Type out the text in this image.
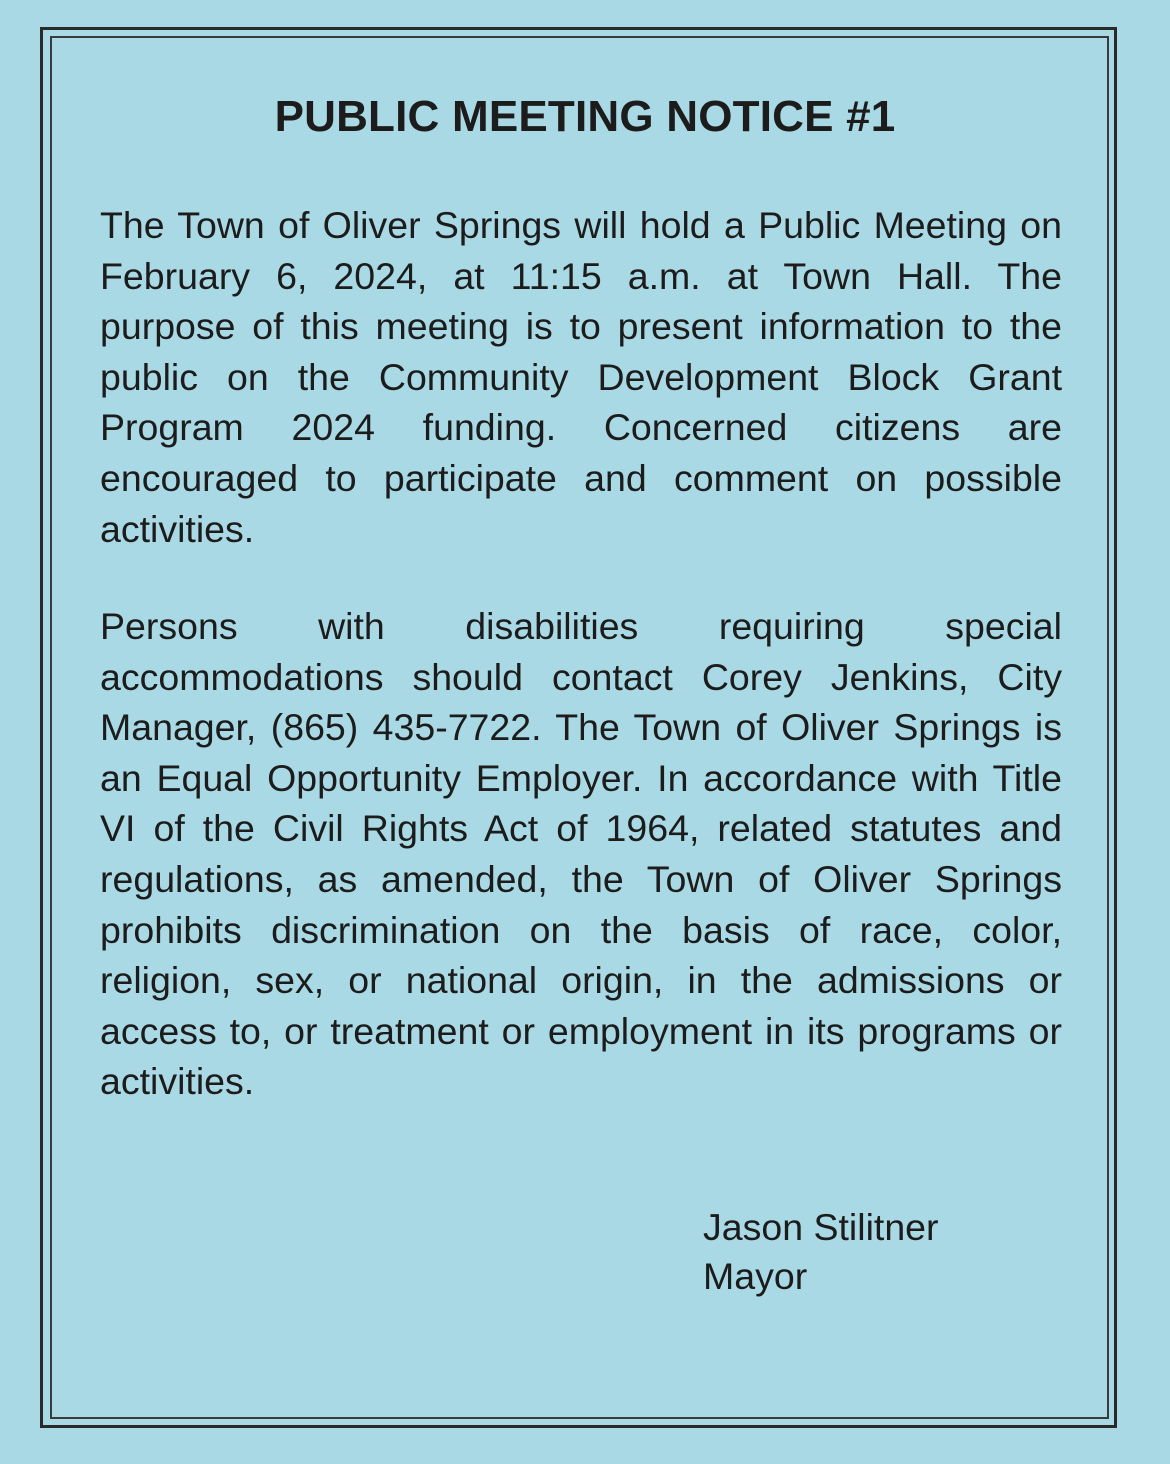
PUBLIC MEETING NOTICE #1

The Town of Oliver Springs will hold a Public Meeting on February 6, 2024, at 11:15 a.m. at Town Hall. The purpose of this meeting is to present information to the public on the Community Development Block Grant Program 2024 funding. Concerned citizens are encouraged to participate and comment on possible activities.

Persons with disabilities requiring special accommodations should contact Corey Jenkins, City Manager, (865) 435-7722. The Town of Oliver Springs is an Equal Opportunity Employer. In accordance with Title VI of the Civil Rights Act of 1964, related statutes and regulations, as amended, the Town of Oliver Springs prohibits discrimination on the basis of race, color, religion, sex, or national origin, in the admissions or access to, or treatment or employment in its programs or activities.

Jason Stilitner
Mayor
